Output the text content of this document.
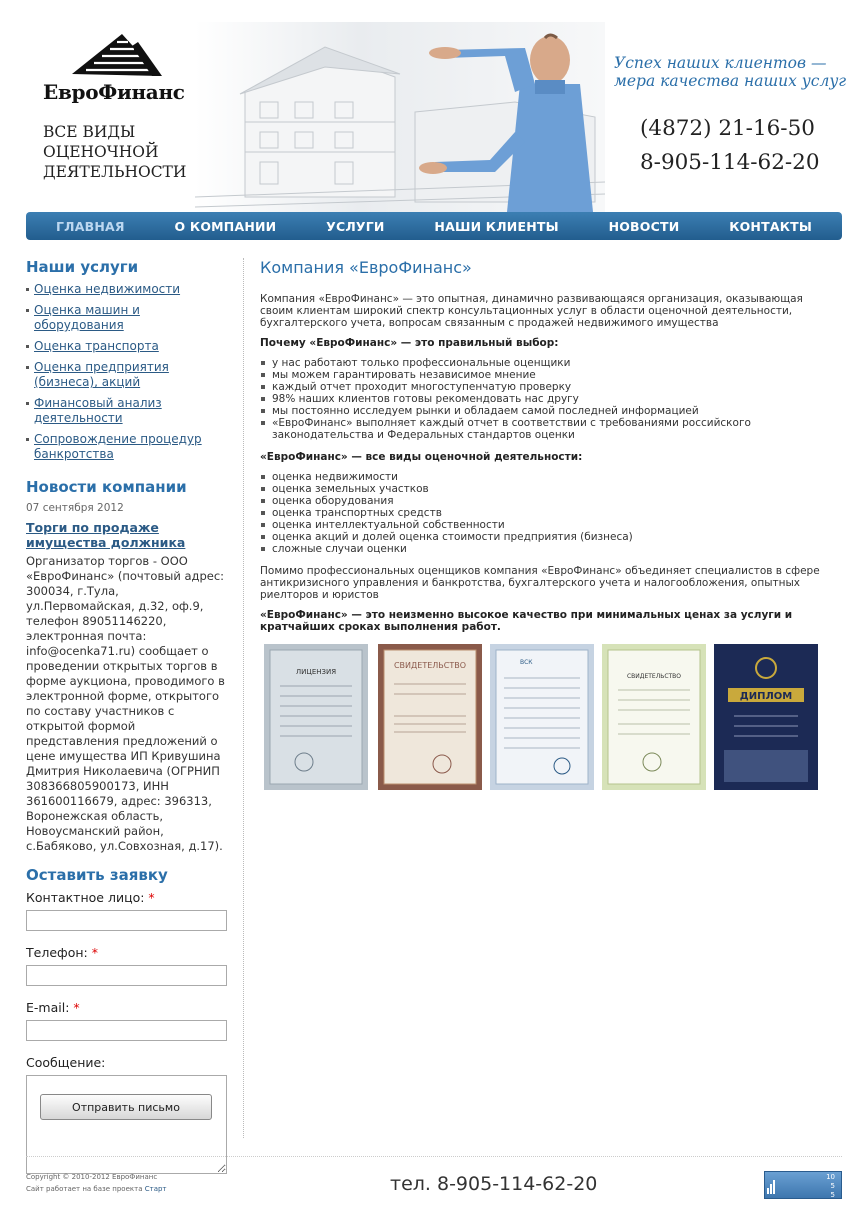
ЕвроФинанс
ВСЕ ВИДЫ
ОЦЕНОЧНОЙ
ДЕЯТЕЛЬНОСТИ
Успех наших клиентов —
мера качества наших услуг
(4872) 21-16-50
8-905-114-62-20
ГЛАВНАЯ	О КОМПАНИИ	УСЛУГИ	НАШИ КЛИЕНТЫ	НОВОСТИ	КОНТАКТЫ
Наши услуги
Оценка недвижимости
Оценка машин и оборудования
Оценка транспорта
Оценка предприятия (бизнеса), акций
Финансовый анализ деятельности
Сопровождение процедур банкротства
Новости компании
07 сентября 2012
Торги по продаже имущества должника
Организатор торгов - ООО «ЕвроФинанс» (почтовый адрес: 300034, г.Тула, ул.Первомайская, д.32, оф.9, телефон 89051146220, электронная почта: info@ocenka71.ru) сообщает о проведении открытых торгов в форме аукциона, проводимого в электронной форме, открытого по составу участников с открытой формой представления предложений о цене имущества ИП Кривушина Дмитрия Николаевича (ОГРНИП 308366805900173, ИНН 361600116679, адрес: 396313, Воронежская область, Новоусманский район, с.Бабяково, ул.Совхозная, д.17).
Оставить заявку
Контактное лицо: *
Телефон: *
E-mail: *
Сообщение:
Отправить письмо
Компания «ЕвроФинанс»

Компания «ЕвроФинанс» — это опытная, динамично развивающаяся организация, оказывающая своим клиентам широкий спектр консультационных услуг в области оценочной деятельности, бухгалтерского учета, вопросам связанным с продажей недвижимого имущества

Почему «ЕвроФинанс» — это правильный выбор:

у нас работают только профессиональные оценщики
мы можем гарантировать независимое мнение
каждый отчет проходит многоступенчатую проверку
98% наших клиентов готовы рекомендовать нас другу
мы постоянно исследуем рынки и обладаем самой последней информацией
«ЕвроФинанс» выполняет каждый отчет в соответствии с требованиями российского законодательства и Федеральных стандартов оценки

«ЕвроФинанс» — все виды оценочной деятельности:

оценка недвижимости
оценка земельных участков
оценка оборудования
оценка транспортных средств
оценка интеллектуальной собственности
оценка акций и долей оценка стоимости предприятия (бизнеса)
сложные случаи оценки

Помимо профессиональных оценщиков компания «ЕвроФинанс» объединяет специалистов в сфере антикризисного управления и банкротства, бухгалтерского учета и налогообложения, опытных риелторов и юристов

«ЕвроФинанс» — это неизменно высокое качество при минимальных ценах за услуги и кратчайших сроках выполнения работ.

ЛИЦЕНЗИЯ
СВИДЕТЕЛЬСТВО	ВСК
СВИДЕТЕЛЬСТВО
ДИПЛОМ
Copyright © 2010-2012 ЕвроФинанс
Сайт работает на базе проекта Старт	тел. 8-905-114-62-20	10
5
5
